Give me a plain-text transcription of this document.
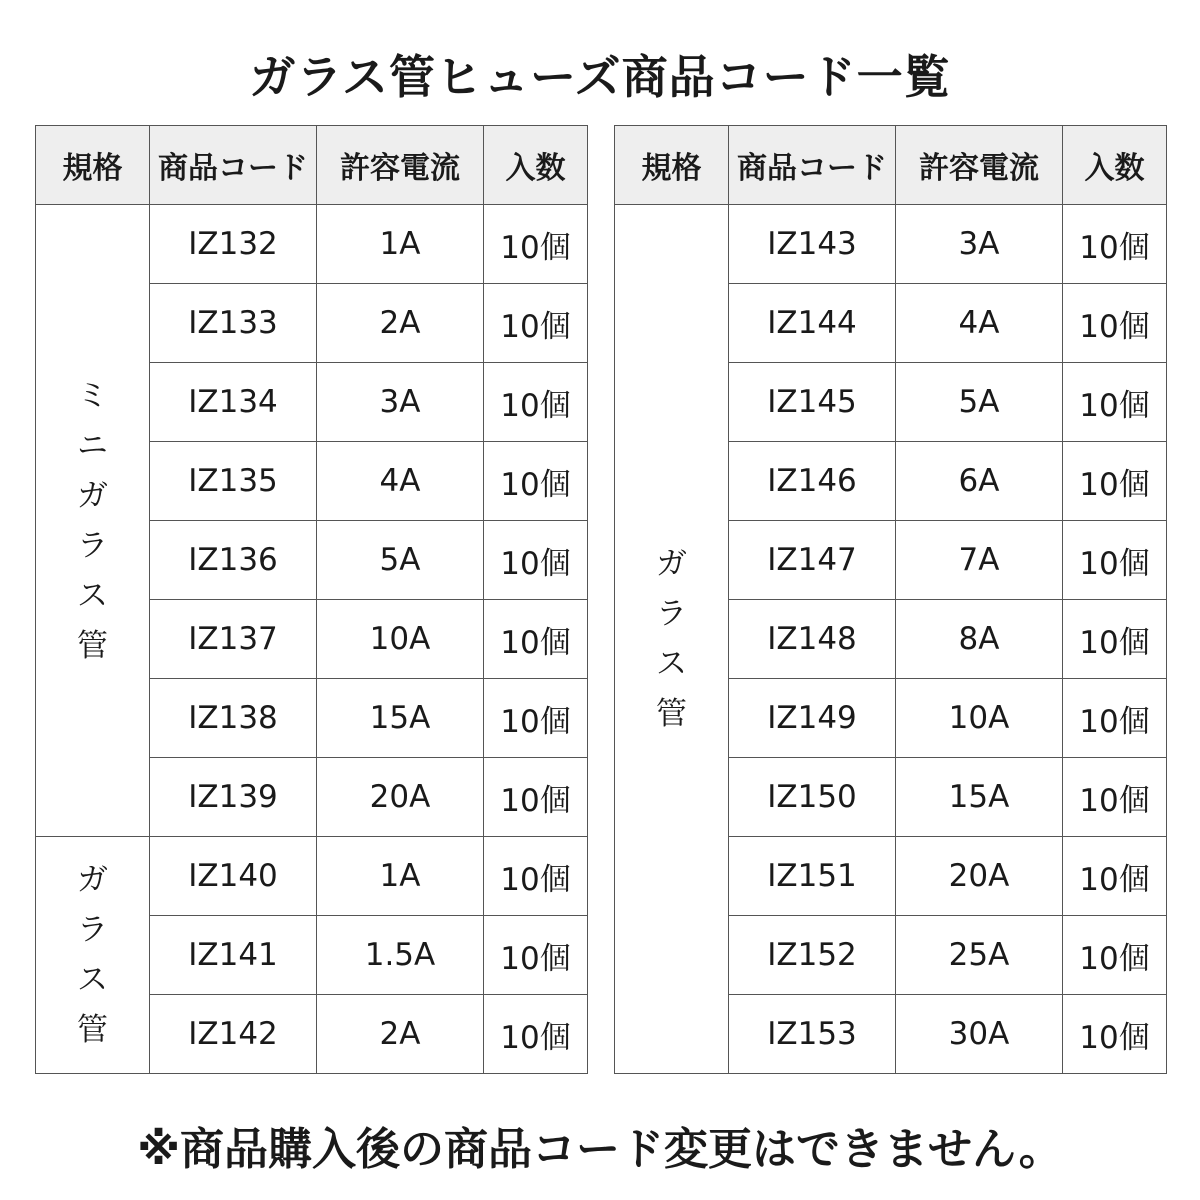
ガラス管ヒューズ商品コード一覧
規格	商品コード	許容電流	入数
ミニガラス管	IZ132	1A	10個
	IZ133	2A	10個
	IZ134	3A	10個
	IZ135	4A	10個
	IZ136	5A	10個
	IZ137	10A	10個
	IZ138	15A	10個
	IZ139	20A	10個
ガラス管	IZ140	1A	10個
	IZ141	1.5A	10個
	IZ142	2A	10個
規格	商品コード	許容電流	入数
ガラス管	IZ143	3A	10個
	IZ144	4A	10個
	IZ145	5A	10個
	IZ146	6A	10個
	IZ147	7A	10個
	IZ148	8A	10個
	IZ149	10A	10個
	IZ150	15A	10個
	IZ151	20A	10個
	IZ152	25A	10個
	IZ153	30A	10個
※商品購入後の商品コード変更はできません。
